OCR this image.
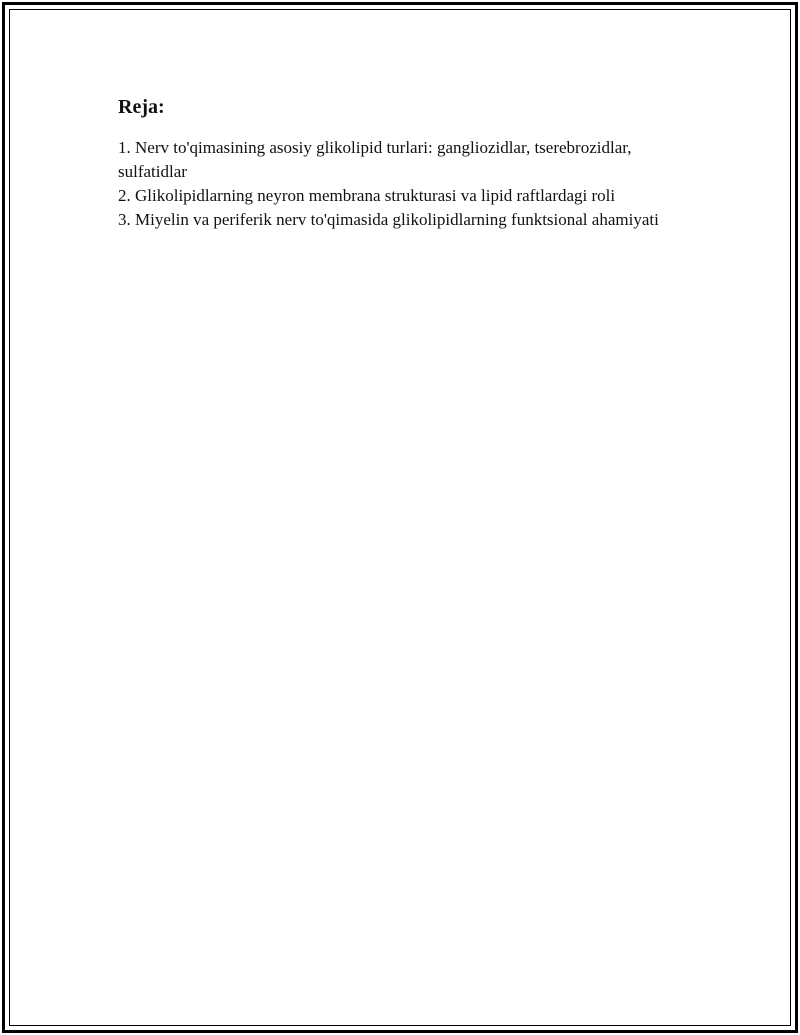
Reja:
1. Nerv to'qimasining asosiy glikolipid turlari: gangliozidlar, tserebrozidlar, sulfatidlar
2. Glikolipidlarning neyron membrana strukturasi va lipid raftlardagi roli
3. Miyelin va periferik nerv to'qimasida glikolipidlarning funktsional ahamiyati
